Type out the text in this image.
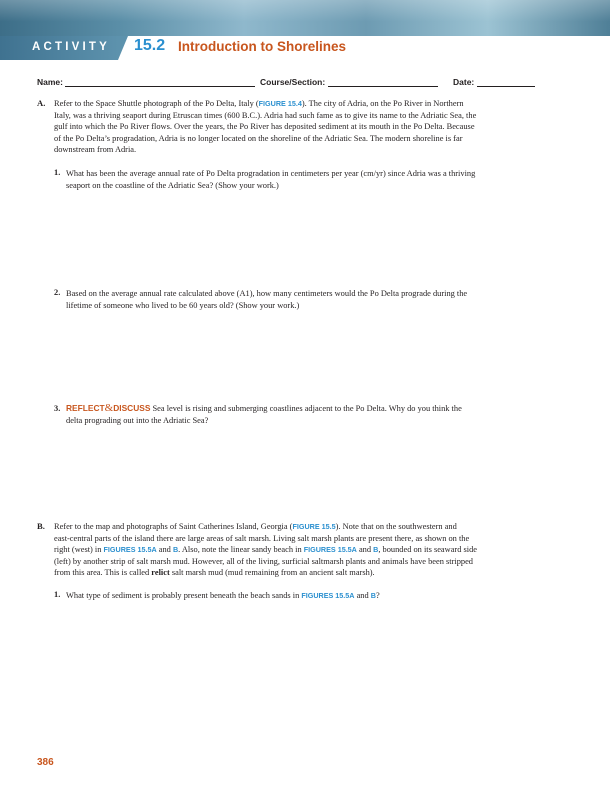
ACTIVITY 15.2 Introduction to Shorelines
Name:	Course/Section:	Date:
A. Refer to the Space Shuttle photograph of the Po Delta, Italy (FIGURE 15.4). The city of Adria, on the Po River in Northern
Italy, was a thriving seaport during Etruscan times (600 B.C.). Adria had such fame as to give its name to the Adriatic Sea, the
gulf into which the Po River flows. Over the years, the Po River has deposited sediment at its mouth in the Po Delta. Because
of the Po Delta’s progradation, Adria is no longer located on the shoreline of the Adriatic Sea. The modern shoreline is far
downstream from Adria.
1. What has been the average annual rate of Po Delta progradation in centimeters per year (cm/yr) since Adria was a thriving
seaport on the coastline of the Adriatic Sea? (Show your work.)
2. Based on the average annual rate calculated above (A1), how many centimeters would the Po Delta prograde during the
lifetime of someone who lived to be 60 years old? (Show your work.)
3. REFLECT&DISCUSS Sea level is rising and submerging coastlines adjacent to the Po Delta. Why do you think the
delta prograding out into the Adriatic Sea?
B. Refer to the map and photographs of Saint Catherines Island, Georgia (FIGURE 15.5). Note that on the southwestern and
east-central parts of the island there are large areas of salt marsh. Living salt marsh plants are present there, as shown on the
right (west) in FIGURES 15.5A and B. Also, note the linear sandy beach in FIGURES 15.5A and B, bounded on its seaward side
(left) by another strip of salt marsh mud. However, all of the living, surficial saltmarsh plants and animals have been stripped
from this area. This is called relict salt marsh mud (mud remaining from an ancient salt marsh).
1. What type of sediment is probably present beneath the beach sands in FIGURES 15.5A and B?
386
